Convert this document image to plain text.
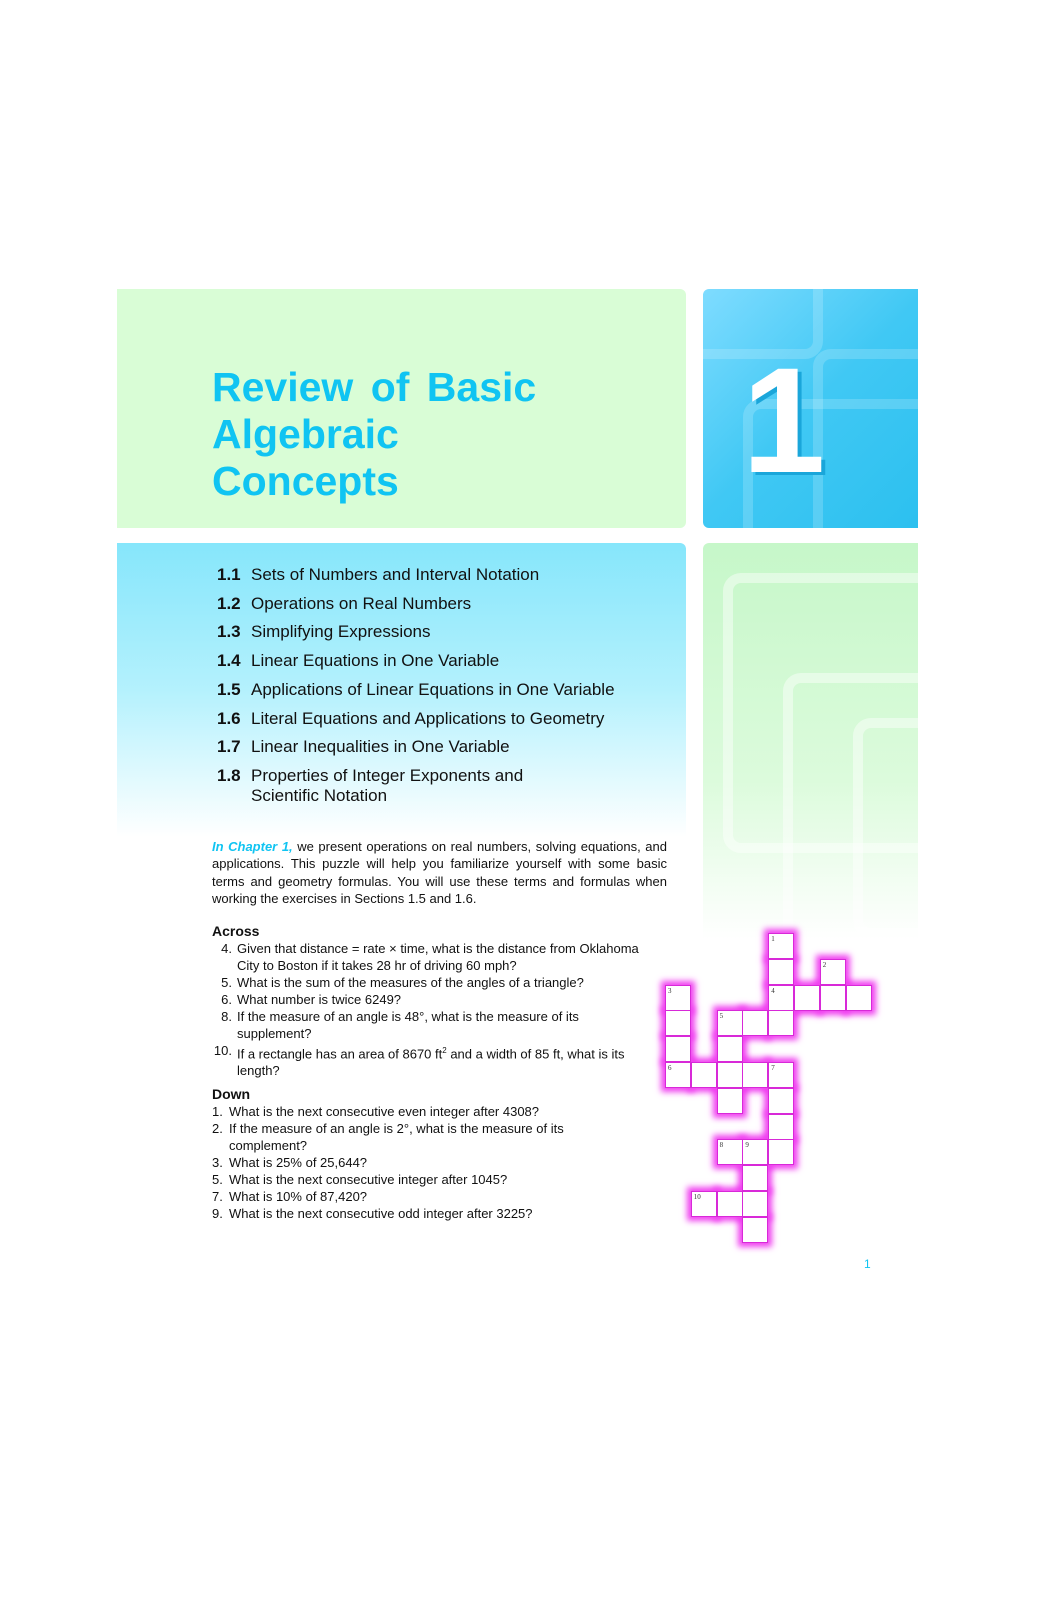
Review of Basic
Algebraic
Concepts	1
1.1 Sets of Numbers and Interval Notation
1.2 Operations on Real Numbers
1.3 Simplifying Expressions
1.4 Linear Equations in One Variable
1.5 Applications of Linear Equations in One Variable
1.6 Literal Equations and Applications to Geometry
1.7 Linear Inequalities in One Variable
1.8 Properties of Integer Exponents and
Scientific Notation

In Chapter 1, we present operations on real numbers, solving equations, and applications. This puzzle will help you familiarize yourself with some basic terms and geometry formulas. You will use these terms and formulas when working the exercises in Sections 1.5 and 1.6.

Across
4. Given that distance = rate × time, what is the distance from Oklahoma City to Boston if it takes 28 hr of driving 60 mph?
5. What is the sum of the measures of the angles of a triangle?
6. What number is twice 6249?
8. If the measure of an angle is 48°, what is the measure of its supplement?
10. If a rectangle has an area of 8670 $ft^2$ and a width of 85 ft, what is its length?
Down
1. What is the next consecutive even integer after 4308?
2. If the measure of an angle is 2°, what is the measure of its complement?
3. What is 25% of 25,644?
5. What is the next consecutive integer after 1045?
7. What is 10% of 87,420?
9. What is the next consecutive odd integer after 3225?
1
2
3	4
5
6	7
8	9
10
1
